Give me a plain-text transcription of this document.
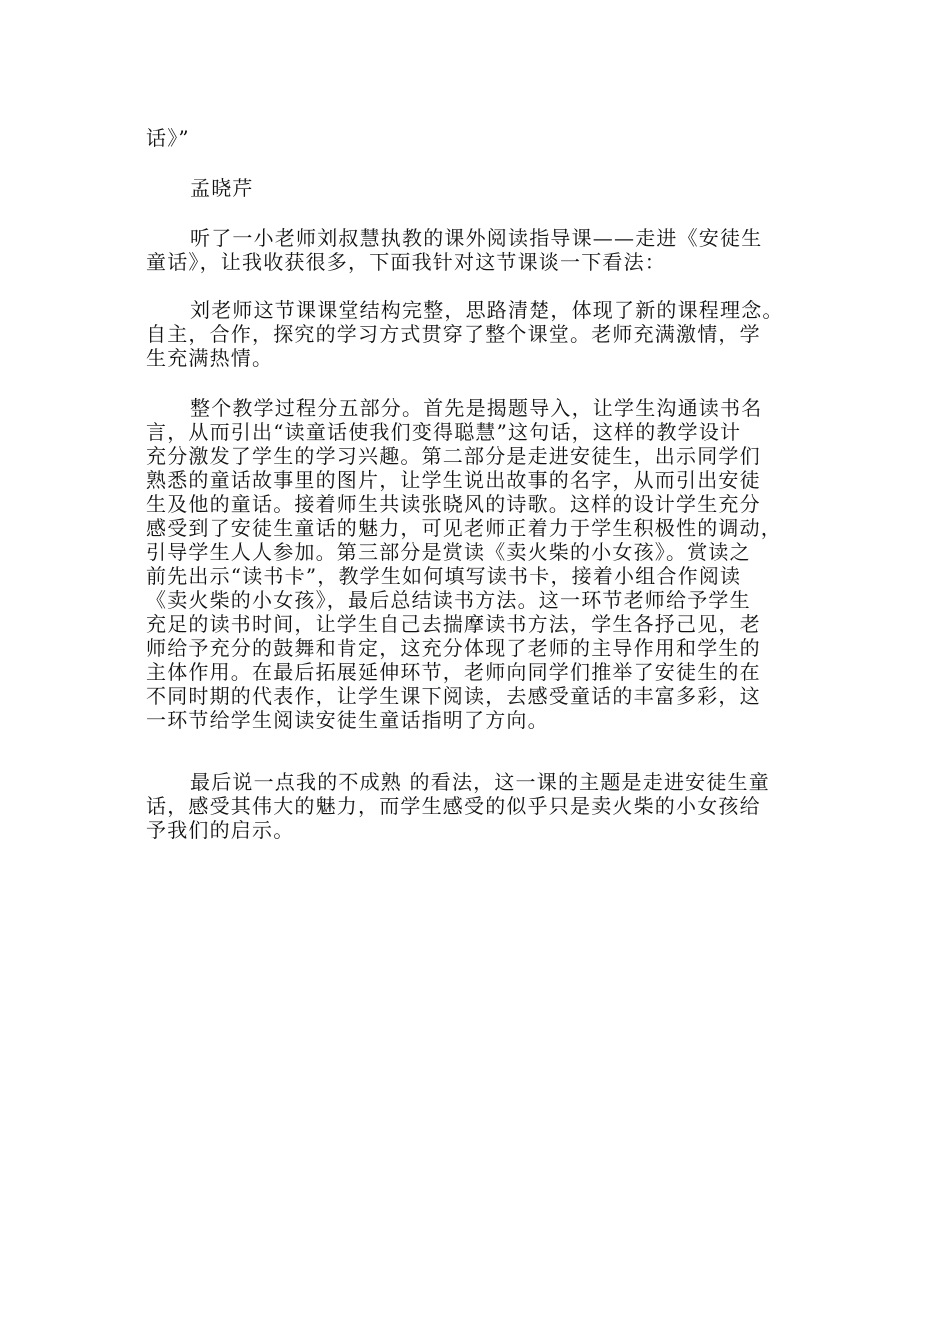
话》”
孟晓芹
听了一小老师刘叔慧执教的课外阅读指导课——走进《安徒生
童话》，让我收获很多，下面我针对这节课谈一下看法：
刘老师这节课课堂结构完整，思路清楚，体现了新的课程理念。
自主，合作，探究的学习方式贯穿了整个课堂。老师充满激情，学
生充满热情。
整个教学过程分五部分。首先是揭题导入，让学生沟通读书名
言，从而引出“读童话使我们变得聪慧”这句话，这样的教学设计
充分激发了学生的学习兴趣。第二部分是走进安徒生，出示同学们
熟悉的童话故事里的图片，让学生说出故事的名字，从而引出安徒
生及他的童话。接着师生共读张晓风的诗歌。这样的设计学生充分
感受到了安徒生童话的魅力，可见老师正着力于学生积极性的调动，
引导学生人人参加。第三部分是赏读《卖火柴的小女孩》。赏读之
前先出示“读书卡”，教学生如何填写读书卡，接着小组合作阅读
《卖火柴的小女孩》，最后总结读书方法。这一环节老师给予学生
充足的读书时间，让学生自己去揣摩读书方法，学生各抒己见，老
师给予充分的鼓舞和肯定，这充分体现了老师的主导作用和学生的
主体作用。在最后拓展延伸环节，老师向同学们推举了安徒生的在
不同时期的代表作，让学生课下阅读，去感受童话的丰富多彩，这
一环节给学生阅读安徒生童话指明了方向。
最后说一点我的不成熟 的看法，这一课的主题是走进安徒生童
话，感受其伟大的魅力，而学生感受的似乎只是卖火柴的小女孩给
予我们的启示。
